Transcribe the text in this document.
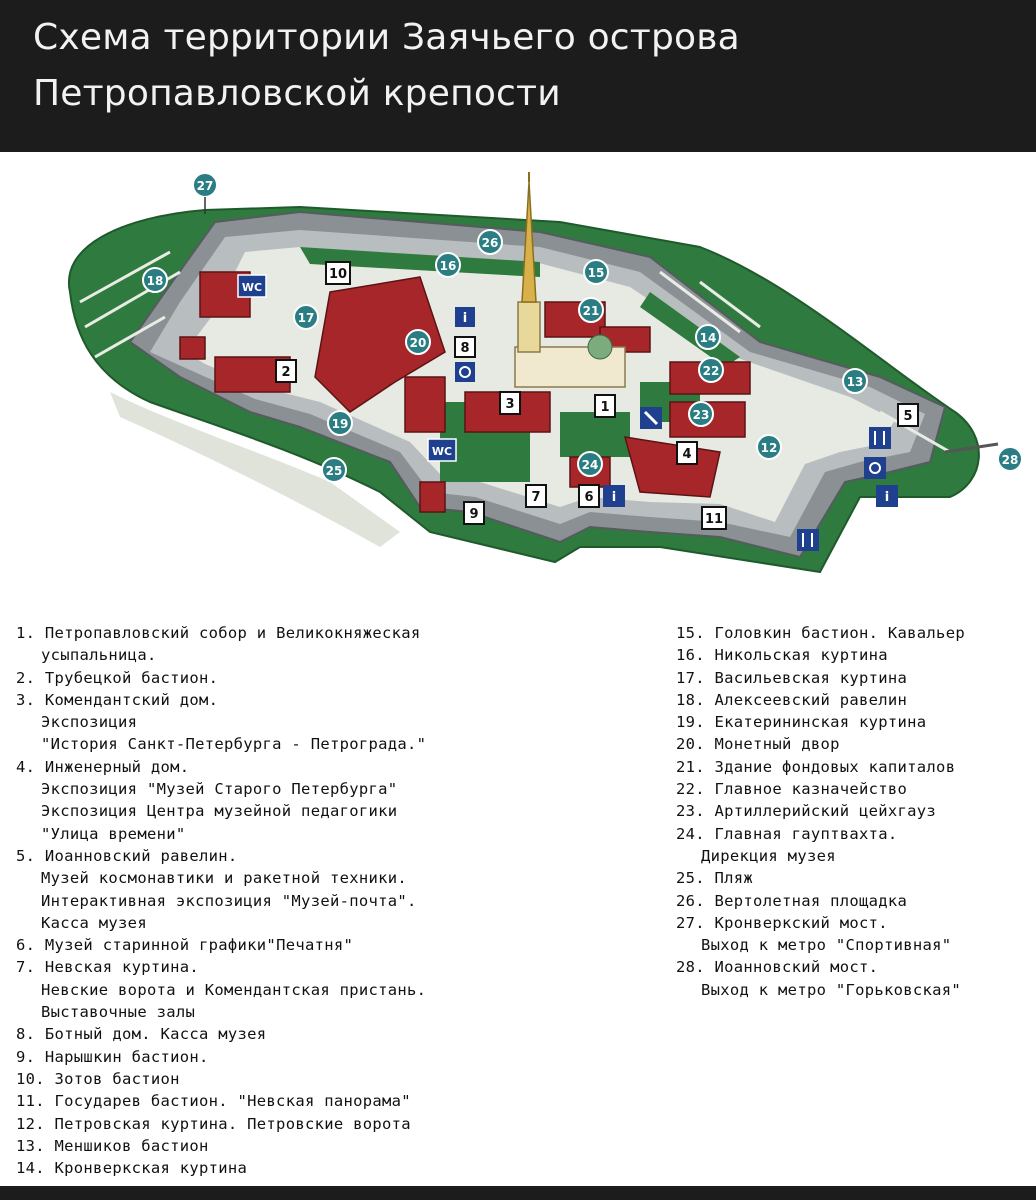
Схема территории Заячьего острова
Петропавловской крепости
27
26
15
16
18
21
17
20	14
22
13
23
19
12
25	24	28
10
8
2
3	1
5
4
7	6
9	11
WC
WC
i
i	i
1. Петропавловский собор и Великокняжеская
усыпальница.
2. Трубецкой бастион.
3. Комендантский дом.
Экспозиция
"История Санкт-Петербурга - Петрограда."
4. Инженерный дом.
Экспозиция "Музей Старого Петербурга"
Экспозиция Центра музейной педагогики
"Улица времени"
5. Иоанновский равелин.
Музей космонавтики и ракетной техники.
Интерактивная экспозиция "Музей-почта".
Касса музея
6. Музей старинной графики"Печатня"
7. Невская куртина.
Невские ворота и Комендантская пристань.
Выставочные залы
8. Ботный дом. Касса музея
9. Нарышкин бастион.
10. Зотов бастион
11. Государев бастион. "Невская панорама"
12. Петровская куртина. Петровские ворота
13. Меншиков бастион
14. Кронверкская куртина
15. Головкин бастион. Кавальер
16. Никольская куртина
17. Васильевская куртина
18. Алексеевский равелин
19. Екатерининская куртина
20. Монетный двор
21. Здание фондовых капиталов
22. Главное казначейство
23. Артиллерийский цейхгауз
24. Главная гауптвахта.
Дирекция музея
25. Пляж
26. Вертолетная площадка
27. Кронверкский мост.
Выход к метро "Спортивная"
28. Иоанновский мост.
Выход к метро "Горьковская"
